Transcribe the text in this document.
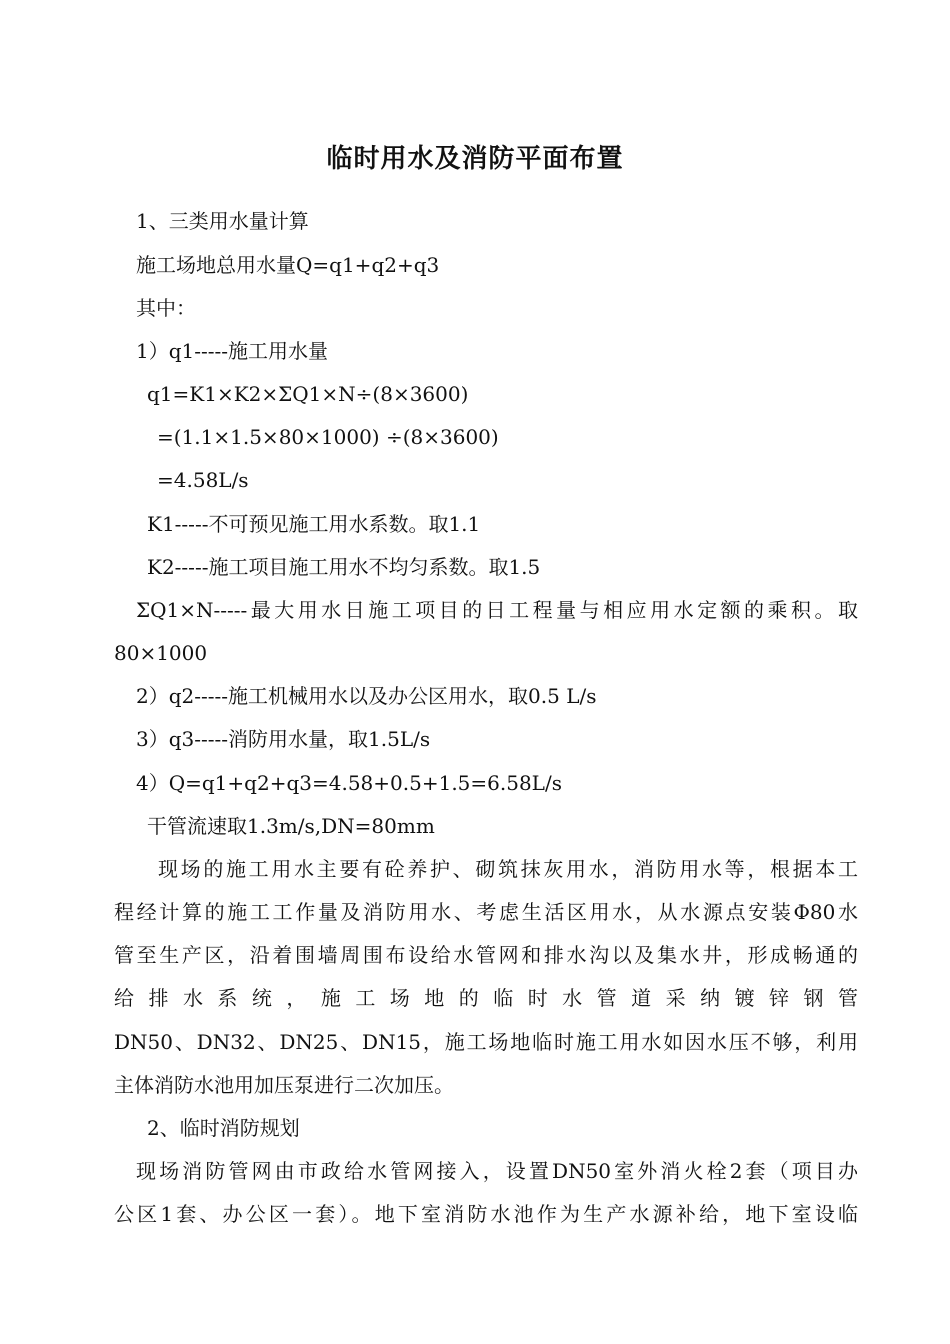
临时用水及消防平面布置
1、三类用水量计算
施工场地总用水量Q=q1+q2+q3
其中：
1）q1-----施工用水量
q1=K1×K2×ΣQ1×N÷(8×3600)
=(1.1×1.5×80×1000) ÷(8×3600)
=4.58L/s
K1-----不可预见施工用水系数。取1.1
K2-----施工项目施工用水不均匀系数。取1.5
ΣQ1×N-----最大用水日施工项目的日工程量与相应用水定额的乘积。取
80×1000
2）q2-----施工机械用水以及办公区用水，取0.5 L/s
3）q3-----消防用水量，取1.5L/s
4）Q=q1+q2+q3=4.58+0.5+1.5=6.58L/s
干管流速取1.3m/s,DN=80mm
现场的施工用水主要有砼养护、砌筑抹灰用水，消防用水等，根据本工
程经计算的施工工作量及消防用水、考虑生活区用水，从水源点安装Φ80水
管至生产区，沿着围墙周围布设给水管网和排水沟以及集水井，形成畅通的
给 排 水 系 统 ， 施 工 场 地 的 临 时 水 管 道 采 纳 镀 锌 钢 管
DN50、DN32、DN25、DN15，施工场地临时施工用水如因水压不够，利用
主体消防水池用加压泵进行二次加压。
2、临时消防规划
现场消防管网由市政给水管网接入，设置DN50室外消火栓2套（项目办
公区1套、办公区一套）。地下室消防水池作为生产水源补给，地下室设临
